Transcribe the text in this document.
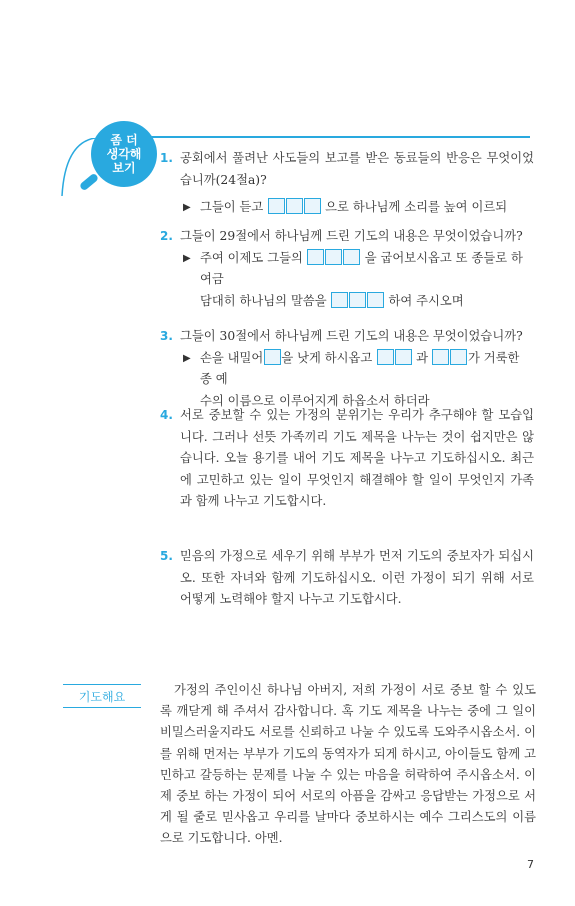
좀 더
생각해
보기
1. 공회에서 풀려난 사도들의 보고를 받은 동료들의 반응은 무엇이었습니까(24절a)?
▶ 그들이 듣고	으로 하나님께 소리를 높여 이르되
2. 그들이 29절에서 하나님께 드린 기도의 내용은 무엇이었습니까?
▶ 주여 이제도 그들의	을 굽어보시옵고 또 종들로 하여금
담대히 하나님의 말씀을	하여 주시오며
3. 그들이 30절에서 하나님께 드린 기도의 내용은 무엇이었습니까?
▶ 손을 내밀어 을 낫게 하시옵고	과	가 거룩한 종 예
수의 이름으로 이루어지게 하옵소서 하더라
4. 서로 중보할 수 있는 가정의 분위기는 우리가 추구해야 할 모습입니다. 그러나 선뜻 가족끼리 기도 제목을 나누는 것이 쉽지만은 않습니다. 오늘 용기를 내어 기도 제목을 나누고 기도하십시오. 최근에 고민하고 있는 일이 무엇인지 해결해야 할 일이 무엇인지 가족과 함께 나누고 기도합시다.
5. 믿음의 가정으로 세우기 위해 부부가 먼저 기도의 중보자가 되십시오. 또한 자녀와 함께 기도하십시오. 이런 가정이 되기 위해 서로 어떻게 노력해야 할지 나누고 기도합시다.
기도해요	가정의 주인이신 하나님 아버지, 저희 가정이 서로 중보 할 수 있도록 깨닫게 해 주셔서 감사합니다. 혹 기도 제목을 나누는 중에 그 일이 비밀스러울지라도 서로를 신뢰하고 나눌 수 있도록 도와주시옵소서. 이를 위해 먼저는 부부가 기도의 동역자가 되게 하시고, 아이들도 함께 고민하고 갈등하는 문제를 나눌 수 있는 마음을 허락하여 주시옵소서. 이제 중보 하는 가정이 되어 서로의 아픔을 감싸고 응답받는 가정으로 서게 될 줄로 믿사옵고 우리를 날마다 중보하시는 예수 그리스도의 이름으로 기도합니다. 아멘.
7
